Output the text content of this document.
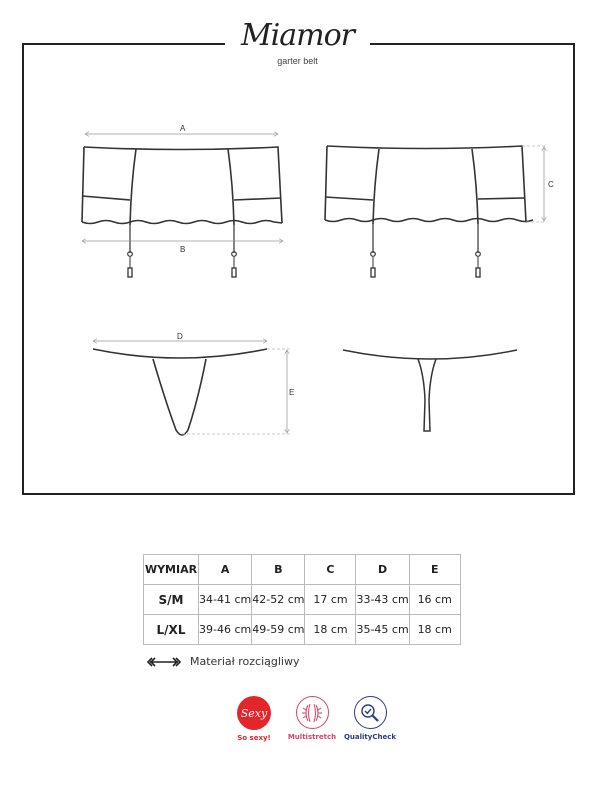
Miamor
garter belt
A
B
C
D
E
WYMIAR	A	B	C	D	E
S/M	34-41 cm	42-52 cm	17 cm	33-43 cm	16 cm
L/XL	39-46 cm	49-59 cm	18 cm	35-45 cm	18 cm
Materiał rozciągliwy
Sexy
So sexy! Multistretch QualityCheck
